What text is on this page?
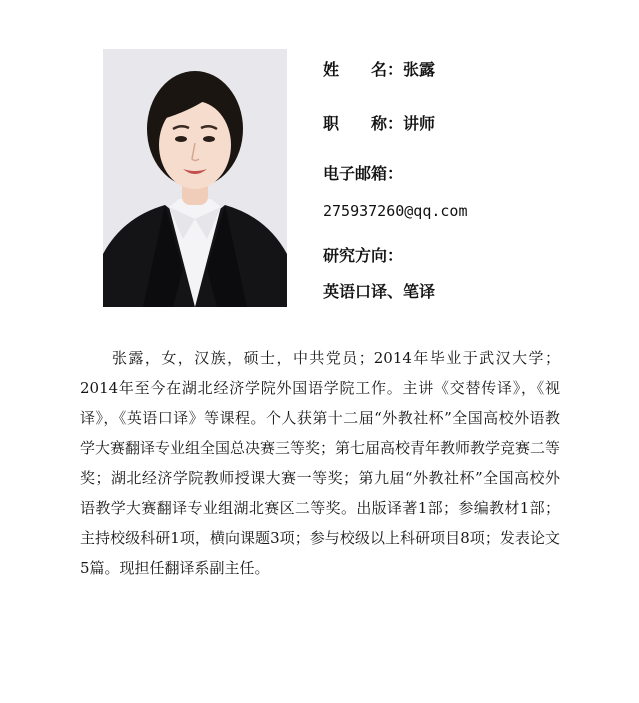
姓　　名：张露
职　　称：讲师
电子邮箱：
275937260@qq.com
研究方向：
英语口译、笔译

张露，女，汉族，硕士，中共党员；2014年毕业于武汉大学；2014年至今在湖北经济学院外国语学院工作。主讲《交替传译》，《视译》，《英语口译》等课程。个人获第十二届“外教社杯”全国高校外语教学大赛翻译专业组全国总决赛三等奖；第七届高校青年教师教学竞赛二等奖；湖北经济学院教师授课大赛一等奖；第九届“外教社杯”全国高校外语教学大赛翻译专业组湖北赛区二等奖。出版译著1部；参编教材1部；主持校级科研1项，横向课题3项；参与校级以上科研项目8项；发表论文5篇。现担任翻译系副主任。
